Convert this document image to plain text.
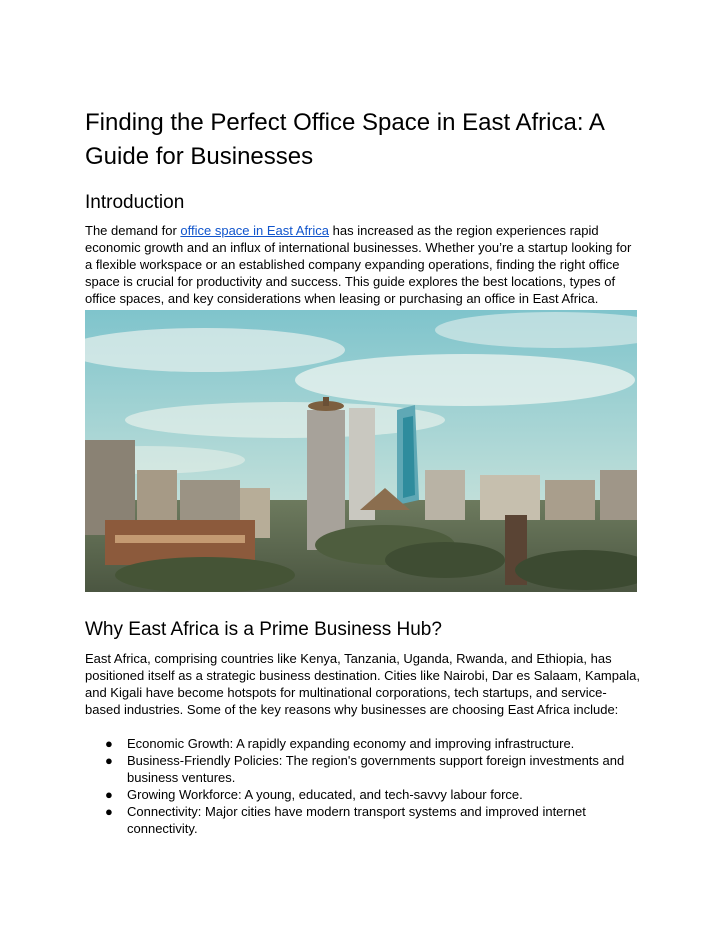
Finding the Perfect Office Space in East Africa: A Guide for Businesses
Introduction

The demand for office space in East Africa has increased as the region experiences rapid economic growth and an influx of international businesses. Whether you’re a startup looking for a flexible workspace or an established company expanding operations, finding the right office space is crucial for productivity and success. This guide explores the best locations, types of office spaces, and key considerations when leasing or purchasing an office in East Africa.

Why East Africa is a Prime Business Hub?

East Africa, comprising countries like Kenya, Tanzania, Uganda, Rwanda, and Ethiopia, has positioned itself as a strategic business destination. Cities like Nairobi, Dar es Salaam, Kampala, and Kigali have become hotspots for multinational corporations, tech startups, and service-based industries. Some of the key reasons why businesses are choosing East Africa include:

● Economic Growth: A rapidly expanding economy and improving infrastructure.
● Business-Friendly Policies: The region's governments support foreign investments and business ventures.
● Growing Workforce: A young, educated, and tech-savvy labour force.
● Connectivity: Major cities have modern transport systems and improved internet connectivity.
